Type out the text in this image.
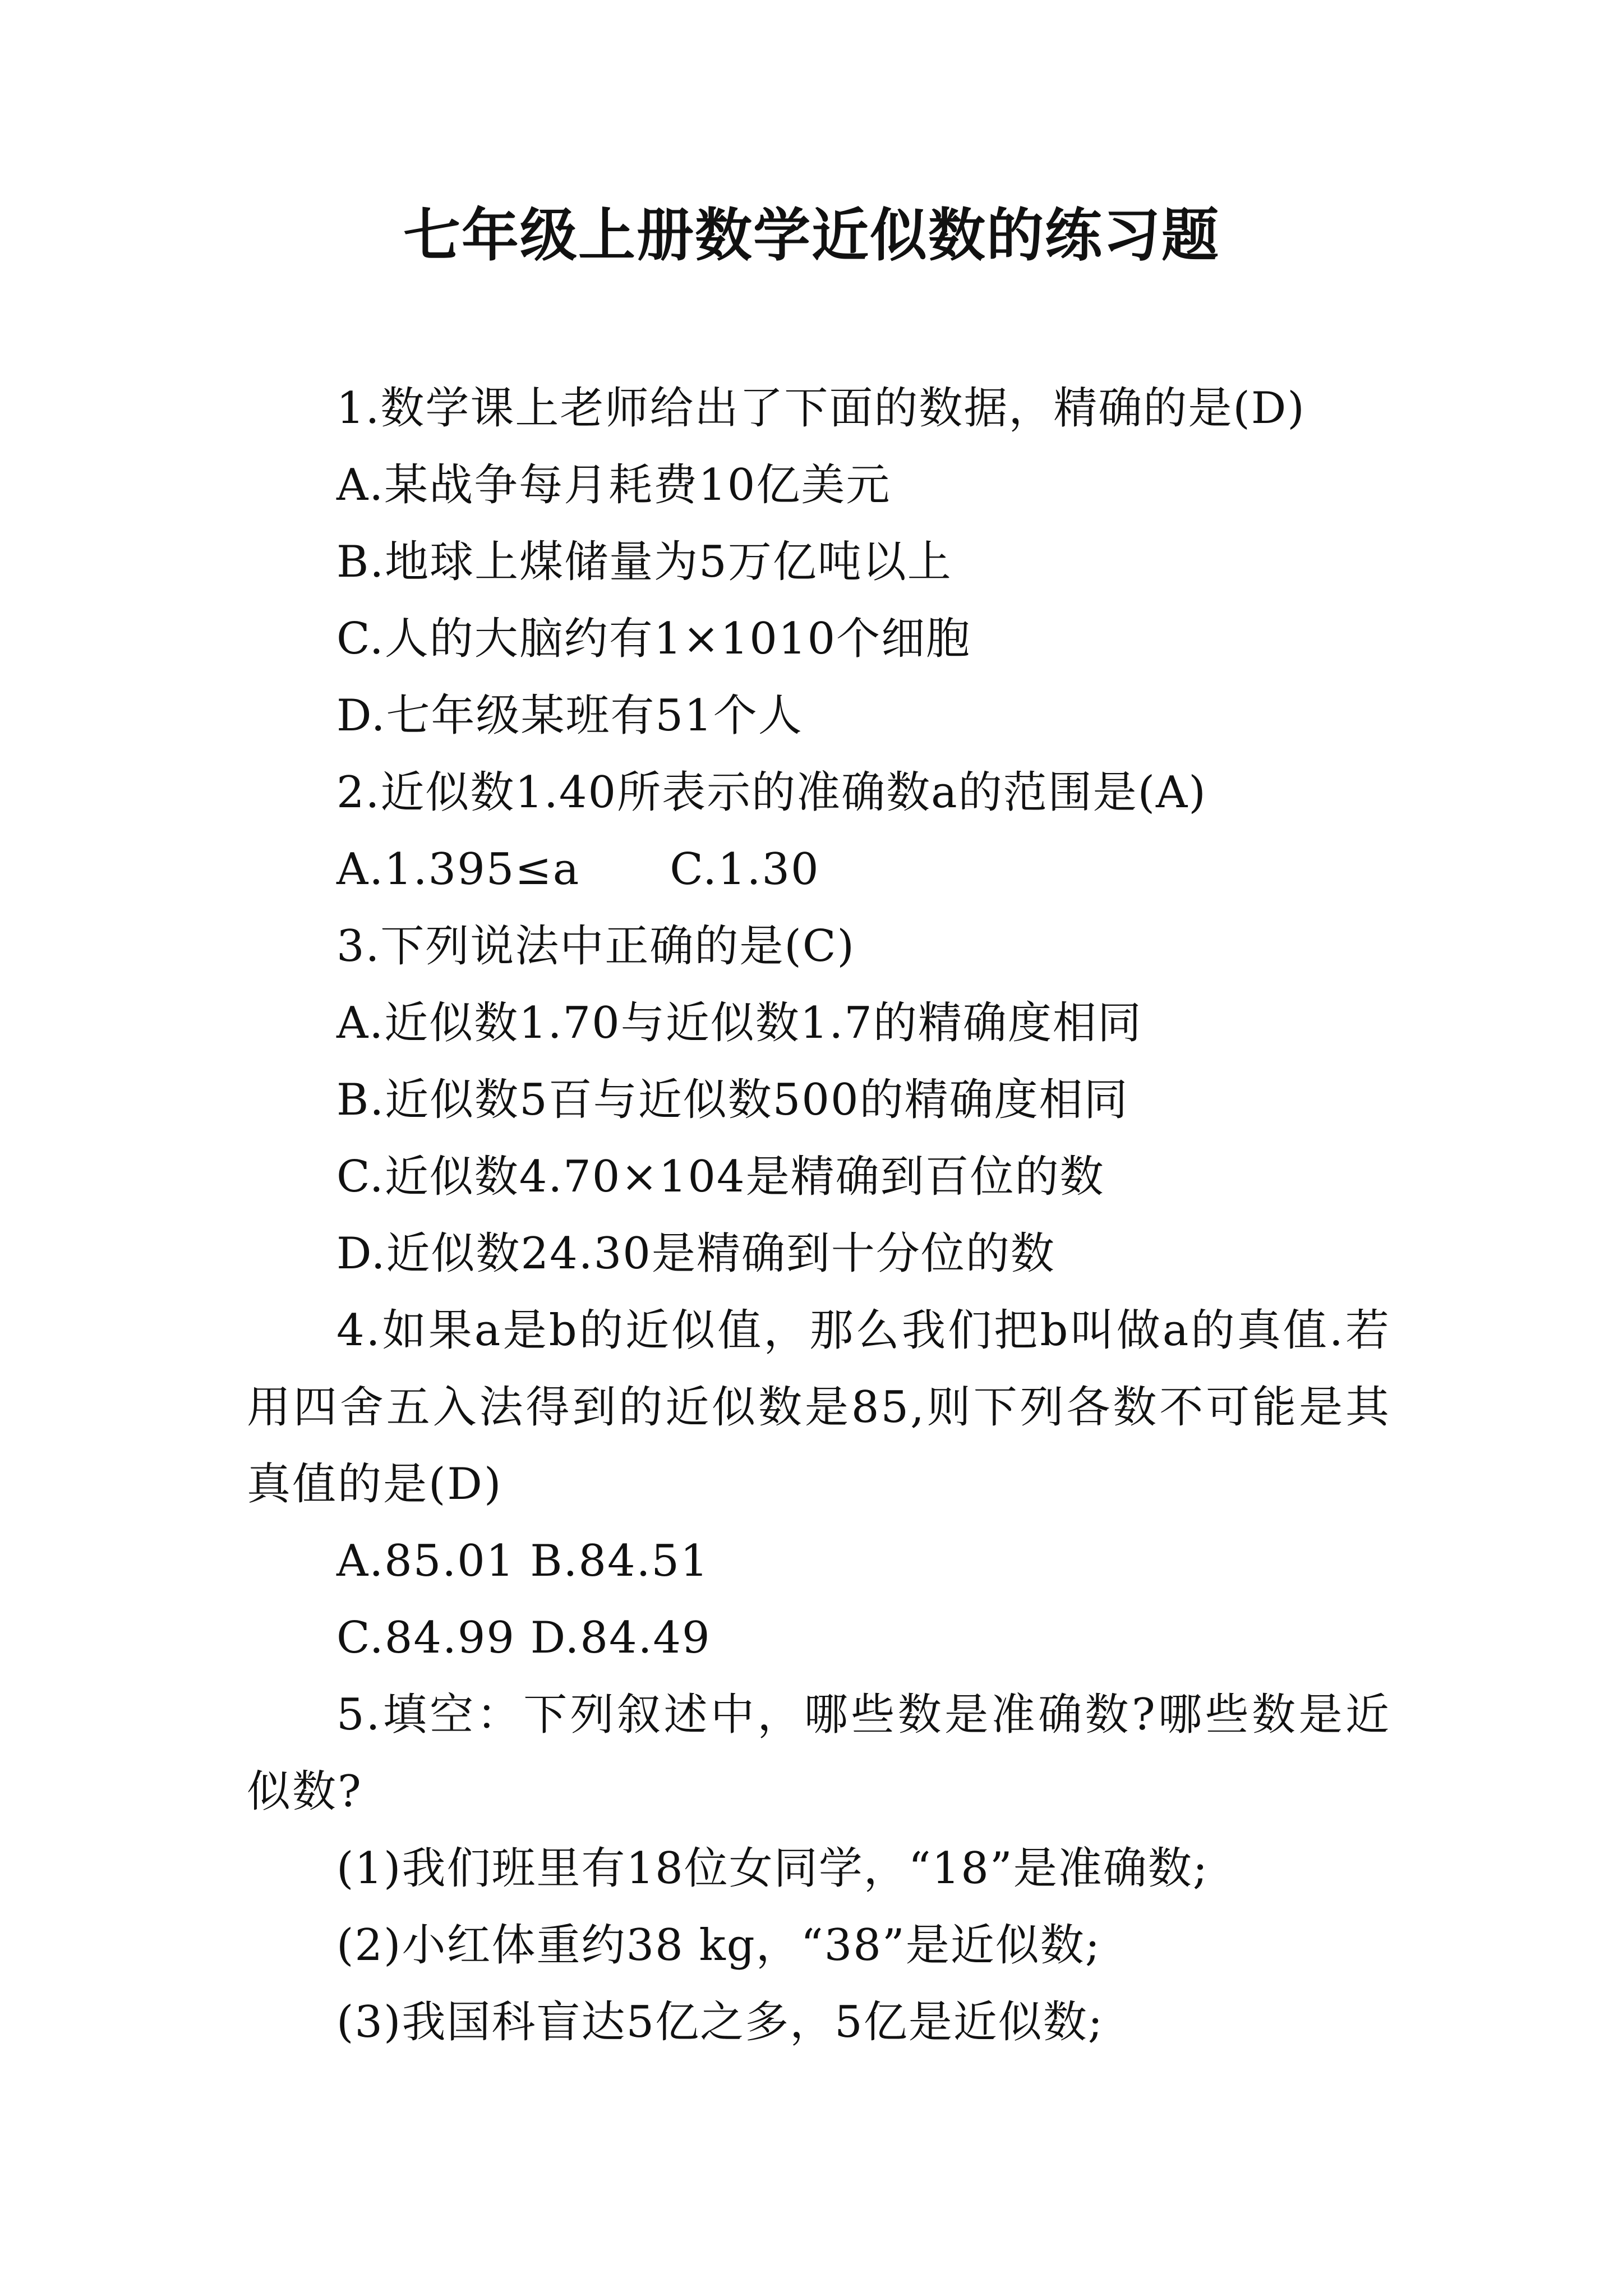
七年级上册数学近似数的练习题
1.数学课上老师给出了下面的数据，精确的是(D)
A.某战争每月耗费10亿美元
B.地球上煤储量为5万亿吨以上
C.人的大脑约有1×1010个细胞
D.七年级某班有51个人
2.近似数1.40所表示的准确数a的范围是(A)
A.1.395≤a　　C.1.30
3.下列说法中正确的是(C)
A.近似数1.70与近似数1.7的精确度相同
B.近似数5百与近似数500的精确度相同
C.近似数4.70×104是精确到百位的数
D.近似数24.30是精确到十分位的数
4.如果a是b的近似值，那么我们把b叫做a的真值.若用四舍五入法得到的近似数是85,则下列各数不可能是其真值的是(D)
A.85.01 B.84.51
C.84.99 D.84.49
5.填空：下列叙述中，哪些数是准确数?哪些数是近似数?
(1)我们班里有18位女同学，“18”是准确数;
(2)小红体重约38 kg，“38”是近似数;
(3)我国科盲达5亿之多，5亿是近似数;
